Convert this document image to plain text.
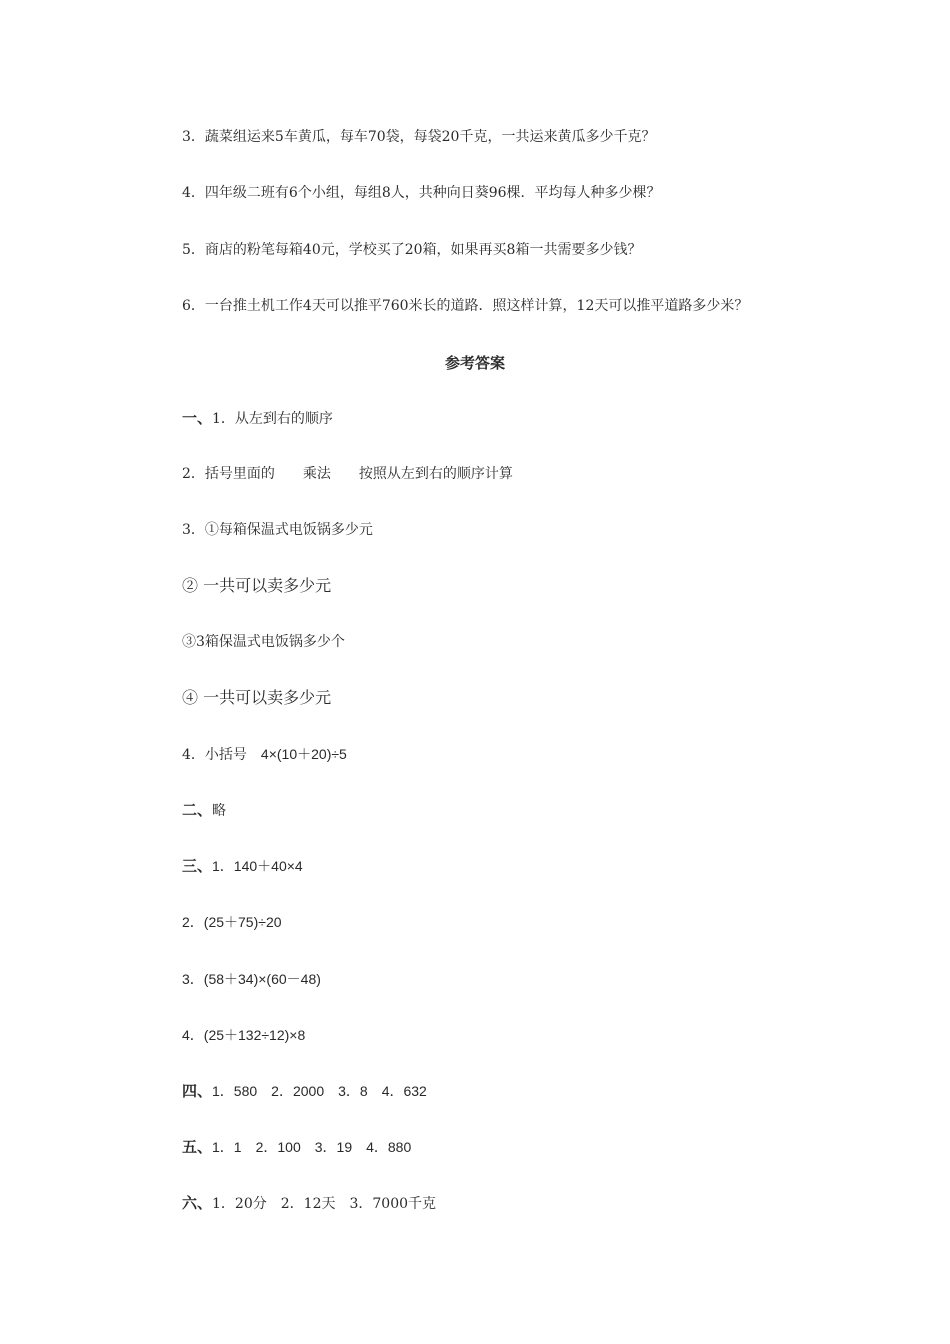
3．蔬菜组运来5车黄瓜，每车70袋，每袋20千克，一共运来黄瓜多少千克？
4．四年级二班有6个小组，每组8人，共种向日葵96棵．平均每人种多少棵？
5．商店的粉笔每箱40元，学校买了20箱，如果再买8箱一共需要多少钱？
6．一台推土机工作4天可以推平760米长的道路．照这样计算，12天可以推平道路多少米？
参考答案
一、1．从左到右的顺序
2．括号里面的 乘法 按照从左到右的顺序计算
3．①每箱保温式电饭锅多少元
② 一共可以卖多少元
③3箱保温式电饭锅多少个
④ 一共可以卖多少元
4．小括号 4×(10＋20)÷5
二、略
三、1．140＋40×4
2．(25＋75)÷20
3．(58＋34)×(60－48)
4．(25＋132÷12)×8
四、1．580 2．2000 3．8 4．632
五、1．1 2．100 3．19 4．880
六、1．20分 2．12天 3．7000千克
